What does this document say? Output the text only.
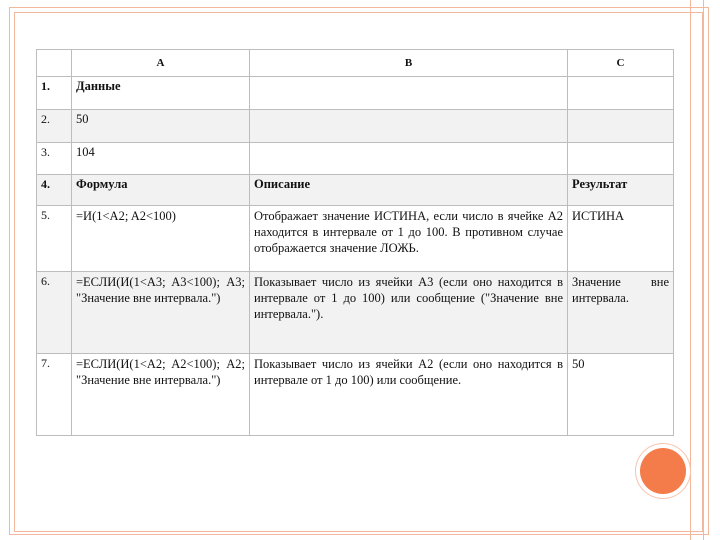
	A	B	C
1.	Данные		
2.	50		
3.	104		
4.	Формула	Описание	Результат
5.	=И(1<A2; A2<100)	Отображает значение ИСТИНА, если число в ячейке A2 находится в интервале от 1 до 100. В противном случае отображается значение ЛОЖЬ.	ИСТИНА
6.	=ЕСЛИ(И(1<A3; A3<100); A3; "Значение вне интервала.")	Показывает число из ячейки A3 (если оно находится в интервале от 1 до 100) или сообщение ("Значение вне интервала.").	Значение вне интервала.
7.	=ЕСЛИ(И(1<A2; A2<100); A2; "Значение вне интервала.")	Показывает число из ячейки A2 (если оно находится в интервале от 1 до 100) или сообщение.	50
